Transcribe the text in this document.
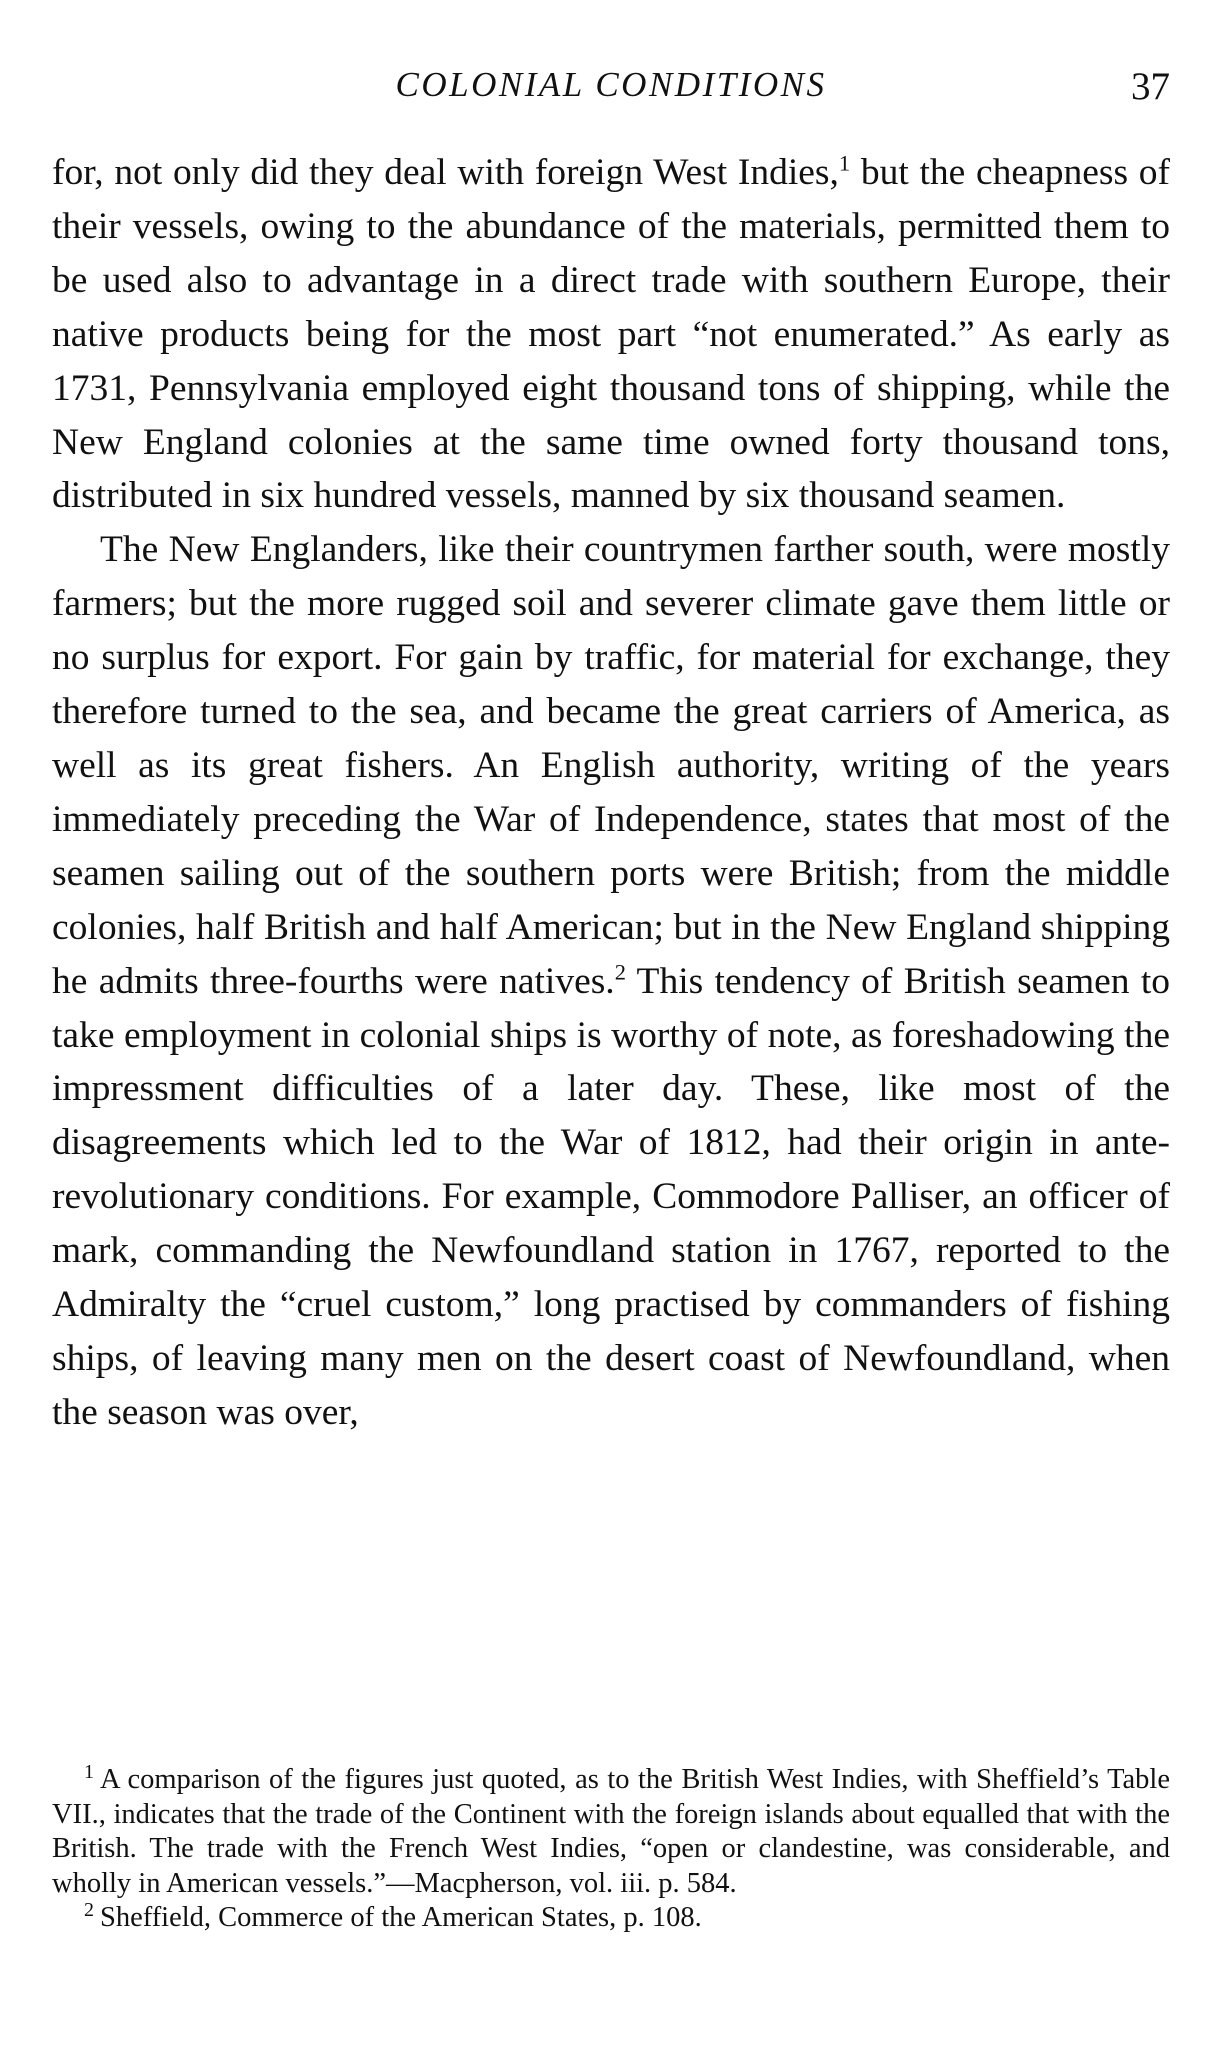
COLONIAL CONDITIONS	37

for, not only did they deal with foreign West Indies,$^1$ but the cheapness of their vessels, owing to the abundance of the materials, permitted them to be used also to advantage in a direct trade with southern Europe, their native products being for the most part “not enumerated.” As early as 1731, Pennsylvania employed eight thousand tons of shipping, while the New England colonies at the same time owned forty thousand tons, distributed in six hundred vessels, manned by six thousand seamen.

The New Englanders, like their countrymen farther south, were mostly farmers; but the more rugged soil and severer climate gave them little or no surplus for export. For gain by traffic, for material for exchange, they therefore turned to the sea, and became the great carriers of America, as well as its great fishers. An English authority, writing of the years immediately preceding the War of Independence, states that most of the seamen sailing out of the southern ports were British; from the middle colonies, half British and half American; but in the New England shipping he admits three-fourths were natives.$^2$ This tendency of British seamen to take employment in colonial ships is worthy of note, as foreshadowing the impressment difficulties of a later day. These, like most of the disagreements which led to the War of 1812, had their origin in ante-revolutionary conditions. For example, Commodore Palliser, an officer of mark, commanding the Newfoundland station in 1767, reported to the Admiralty the “cruel custom,” long practised by commanders of fishing ships, of leaving many men on the desert coast of Newfoundland, when the season was over,

$^1$ A comparison of the figures just quoted, as to the British West Indies, with Sheffield’s Table VII., indicates that the trade of the Continent with the foreign islands about equalled that with the British. The trade with the French West Indies, “open or clandestine, was considerable, and wholly in American vessels.”—Macpherson, vol. iii. p. 584.

$^2$ Sheffield, Commerce of the American States, p. 108.
